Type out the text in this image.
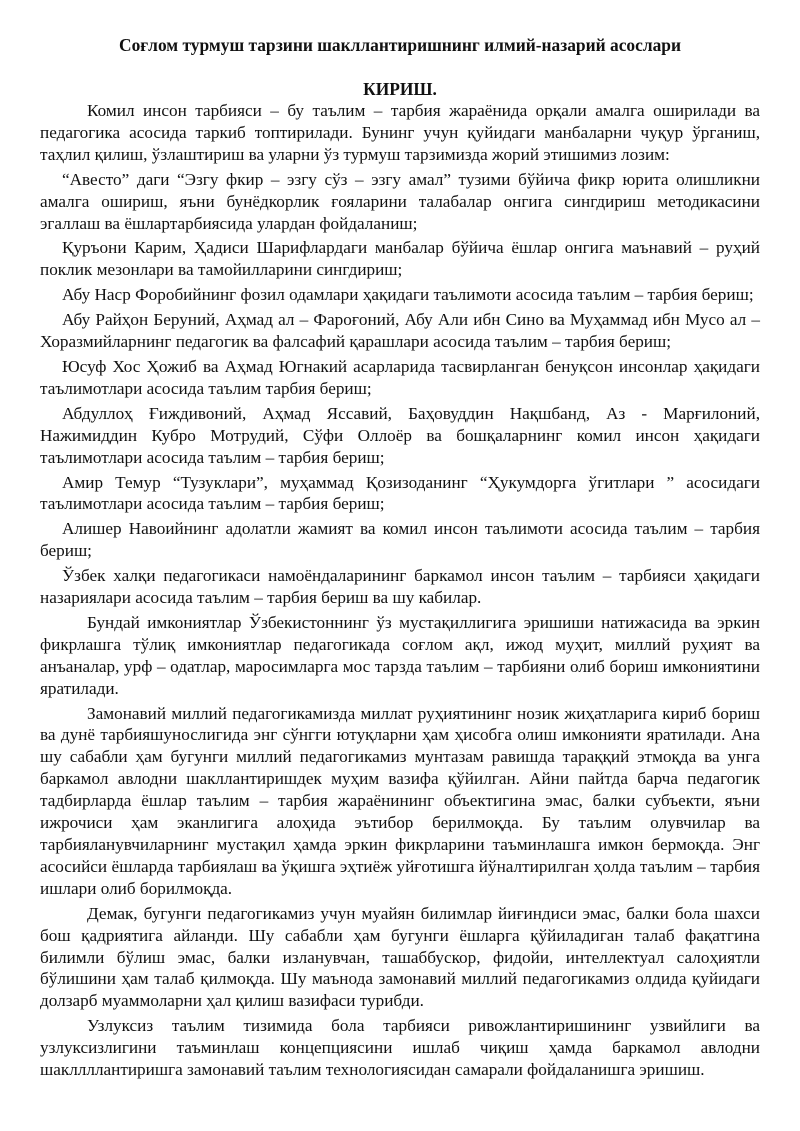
Соғлом турмуш тарзини шакллантиришнинг илмий-назарий асослари

КИРИШ.

Комил инсон тарбияси – бу таълим – тарбия жараёнида орқали амалга оширилади ва педагогика асосида таркиб топтирилади. Бунинг учун қуйидаги манбаларни чуқур ўрганиш, таҳлил қилиш, ўзлаштириш ва уларни ўз турмуш тарзимизда жорий этишимиз лозим:

“Авесто” даги “Эзгу фкир – эзгу сўз – эзгу амал” тузими бўйича фикр юрита олишликни амалга ошириш, яъни бунёдкорлик ғояларини талабалар онгига сингдириш методикасини эгаллаш ва ёшлартарбиясида улардан фойдаланиш;

Қуръони Карим, Ҳадиси Шарифлардаги манбалар бўйича ёшлар онгига маънавий – руҳий поклик мезонлари ва тамойилларини сингдириш;

Абу Наср Форобийнинг фозил одамлари ҳақидаги таълимоти асосида таълим – тарбия бериш;

Абу Райҳон Беруний, Аҳмад ал – Фароғоний, Абу Али ибн Сино ва Муҳаммад ибн Мусо ал – Хоразмийларнинг педагогик ва фалсафий қарашлари асосида таълим – тарбия бериш;

Юсуф Хос Ҳожиб ва Аҳмад Югнакий асарларида тасвирланган бенуқсон инсонлар ҳақидаги таълимотлари асосида таълим тарбия бериш;

Абдуллоҳ Ғиждивоний, Аҳмад Яссавий, Баҳовуддин Нақшбанд, Аз - Марғилоний, Нажимиддин Кубро Мотрудий, Сўфи Оллоёр ва бошқаларнинг комил инсон ҳақидаги таълимотлари асосида таълим – тарбия бериш;

Амир Темур “Тузуклари”, муҳаммад Қозизоданинг “Ҳукумдорга ўгитлари ” асосидаги таълимотлари асосида таълим – тарбия бериш;

Алишер Навоийнинг адолатли жамият ва комил инсон таълимоти асосида таълим – тарбия бериш;

Ўзбек халқи педагогикаси намоёндаларининг баркамол инсон таълим – тарбияси ҳақидаги назариялари асосида таълим – тарбия бериш ва шу кабилар.

Бундай имкониятлар Ўзбекистоннинг ўз мустақиллигига эришиши натижасида ва эркин фикрлашга тўлиқ имкониятлар педагогикада соғлом ақл, ижод муҳит, миллий руҳият ва анъаналар, урф – одатлар, маросимларга мос тарзда таълим – тарбияни олиб бориш имкониятини яратилади.

Замонавий миллий педагогикамизда миллат руҳиятининг нозик жиҳатларига кириб бориш ва дунё тарбияшунослигида энг сўнгги ютуқларни ҳам ҳисобга олиш имконияти яратилади. Ана шу сабабли ҳам бугунги миллий педагогикамиз мунтазам равишда тараққий этмоқда ва унга баркамол авлодни шакллантиришдек муҳим вазифа қўйилган. Айни пайтда барча педагогик тадбирларда ёшлар таълим – тарбия жараёнининг объектигина эмас, балки субъекти, яъни ижрочиси ҳам эканлигига алоҳида эътибор берилмоқда. Бу таълим олувчилар ва тарбияланувчиларнинг мустақил ҳамда эркин фикрларини таъминлашга имкон бермоқда. Энг асосийси ёшларда тарбиялаш ва ўқишга эҳтиёж уйғотишга йўналтирилган ҳолда таълим – тарбия ишлари олиб борилмоқда.

Демак, бугунги педагогикамиз учун муайян билимлар йиғиндиси эмас, балки бола шахси бош қадриятига айланди. Шу сабабли ҳам бугунги ёшларга қўйиладиган талаб фақатгина билимли бўлиш эмас, балки изланувчан, ташаббускор, фидойи, интеллектуал салоҳиятли бўлишини ҳам талаб қилмоқда. Шу маънода замонавий миллий педагогикамиз олдида қуйидаги долзарб муаммоларни ҳал қилиш вазифаси турибди.

Узлуксиз таълим тизимида бола тарбияси ривожлантиришининг узвийлиги ва узлуксизлигини таъминлаш концепциясини ишлаб чиқиш ҳамда баркамол авлодни шакллллантиришга замонавий таълим технологиясидан самарали фойдаланишга эришиш.
